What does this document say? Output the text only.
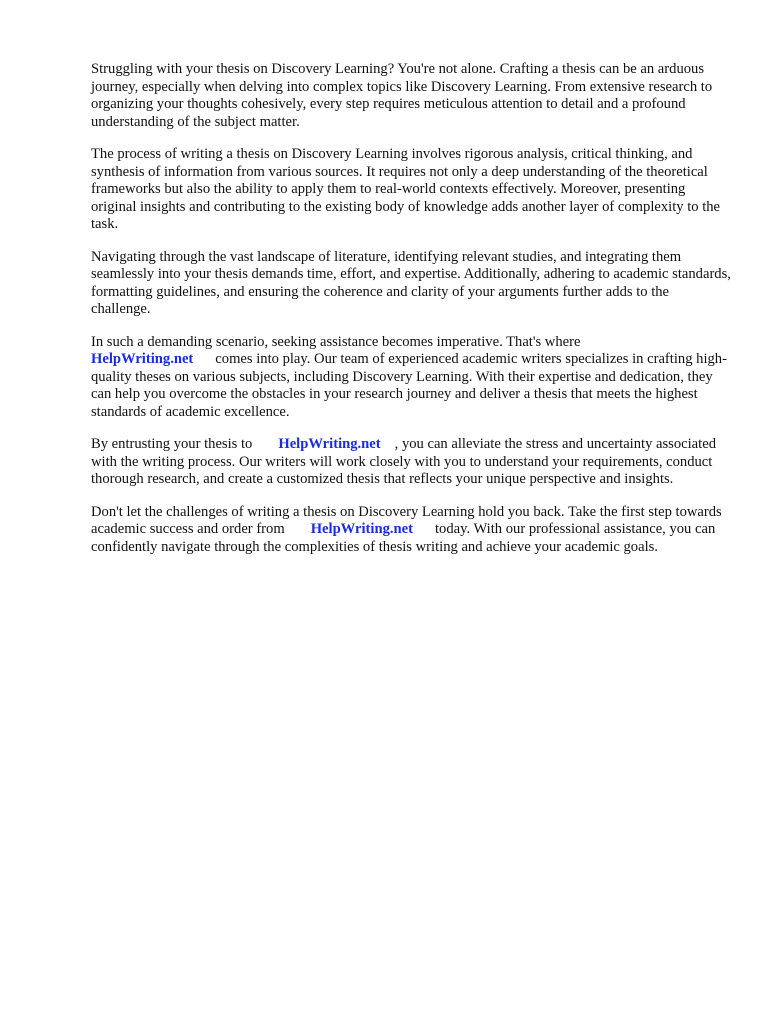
Struggling with your thesis on Discovery Learning? You're not alone. Crafting a thesis can be an arduous journey, especially when delving into complex topics like Discovery Learning. From extensive research to organizing your thoughts cohesively, every step requires meticulous attention to detail and a profound understanding of the subject matter.

The process of writing a thesis on Discovery Learning involves rigorous analysis, critical thinking, and synthesis of information from various sources. It requires not only a deep understanding of the theoretical frameworks but also the ability to apply them to real-world contexts effectively. Moreover, presenting original insights and contributing to the existing body of knowledge adds another layer of complexity to the task.

Navigating through the vast landscape of literature, identifying relevant studies, and integrating them seamlessly into your thesis demands time, effort, and expertise. Additionally, adhering to academic standards, formatting guidelines, and ensuring the coherence and clarity of your arguments further adds to the challenge.

In such a demanding scenario, seeking assistance becomes imperative. That's where
HelpWriting.net comes into play. Our team of experienced academic writers specializes in crafting high-quality theses on various subjects, including Discovery Learning. With their expertise and dedication, they can help you overcome the obstacles in your research journey and deliver a thesis that meets the highest standards of academic excellence.

By entrusting your thesis to HelpWriting.net , you can alleviate the stress and uncertainty associated with the writing process. Our writers will work closely with you to understand your requirements, conduct thorough research, and create a customized thesis that reflects your unique perspective and insights.

Don't let the challenges of writing a thesis on Discovery Learning hold you back. Take the first step towards academic success and order from HelpWriting.net today. With our professional assistance, you can confidently navigate through the complexities of thesis writing and achieve your academic goals.
